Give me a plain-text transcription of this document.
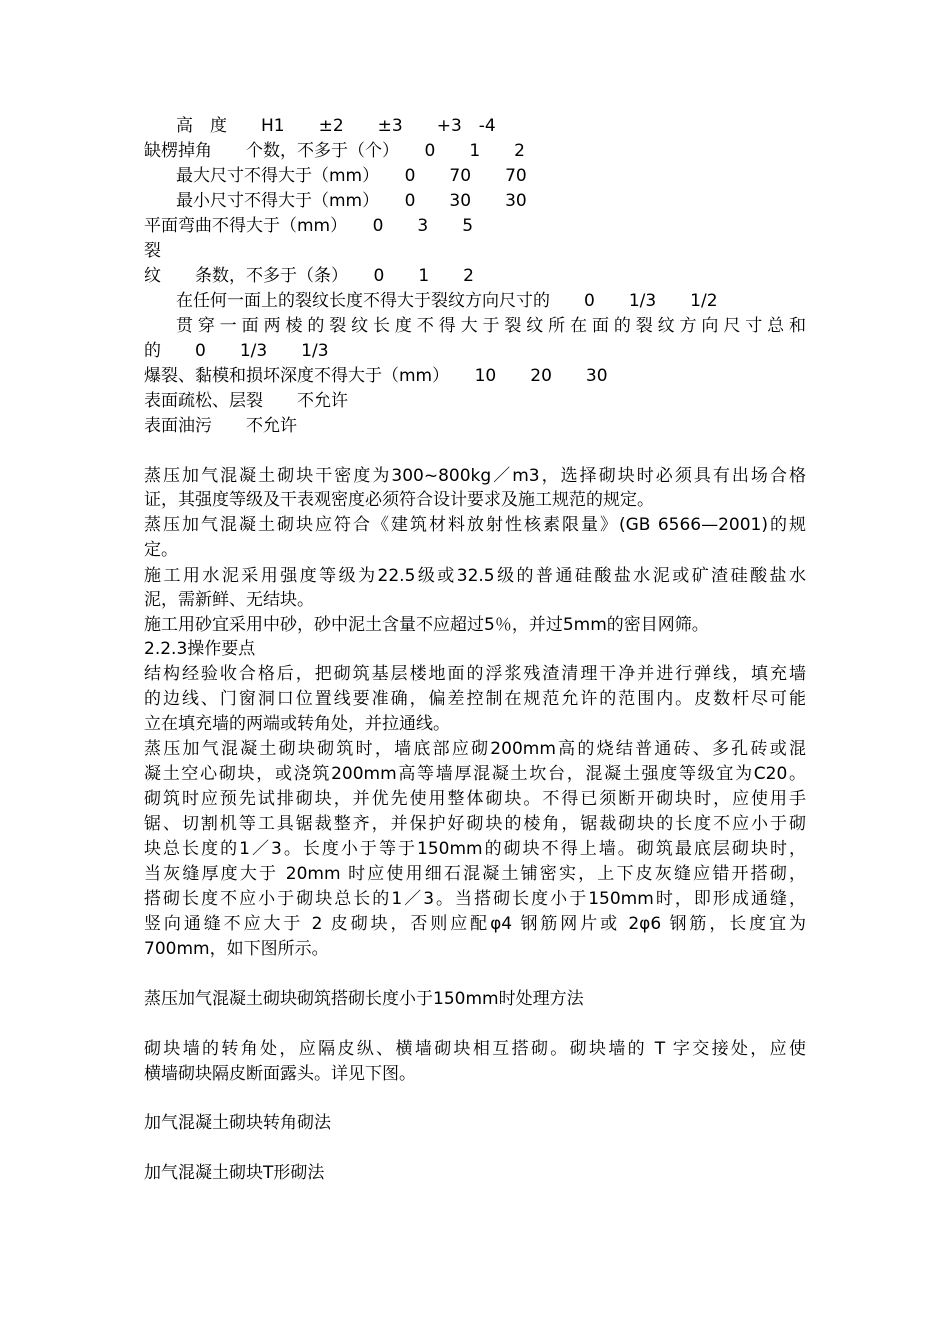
高　度　　H1　　±2　　±3　　+3　-4
缺楞掉角　　个数，不多于（个）　　0　　1　　2
最大尺寸不得大于（mm）　　0　　70　　70
最小尺寸不得大于（mm）　　0　　30　　30
平面弯曲不得大于（mm）　　0　　3　　5
裂
纹　　条数，不多于（条）　　0　　1　　2
在任何一面上的裂纹长度不得大于裂纹方向尺寸的　　0　　1/3　　1/2
贯穿一面两棱的裂纹长度不得大于裂纹所在面的裂纹方向尺寸总和
的　　0　　1/3　　1/3
爆裂、黏模和损坏深度不得大于（mm）　　10　　20　　30
表面疏松、层裂　　不允许
表面油污　　不允许
蒸压加气混凝土砌块干密度为300~800kg／m3，选择砌块时必须具有出场合格
证，其强度等级及干表观密度必须符合设计要求及施工规范的规定。
蒸压加气混凝土砌块应符合《建筑材料放射性核素限量》(GB 6566—2001)的规
定。
施工用水泥采用强度等级为22.5级或32.5级的普通硅酸盐水泥或矿渣硅酸盐水
泥，需新鲜、无结块。
施工用砂宜采用中砂，砂中泥土含量不应超过5％，并过5mm的密目网筛。
2.2.3操作要点
结构经验收合格后，把砌筑基层楼地面的浮浆残渣清理干净并进行弹线，填充墙
的边线、门窗洞口位置线要准确，偏差控制在规范允许的范围内。皮数杆尽可能
立在填充墙的两端或转角处，并拉通线。
蒸压加气混凝土砌块砌筑时，墙底部应砌200mm高的烧结普通砖、多孔砖或混
凝土空心砌块，或浇筑200mm高等墙厚混凝土坎台，混凝土强度等级宜为C20。
砌筑时应预先试排砌块，并优先使用整体砌块。不得已须断开砌块时，应使用手
锯、切割机等工具锯裁整齐，并保护好砌块的棱角，锯裁砌块的长度不应小于砌
块总长度的1／3。长度小于等于150mm的砌块不得上墙。砌筑最底层砌块时，
当灰缝厚度大于 20mm 时应使用细石混凝土铺密实，上下皮灰缝应错开搭砌，
搭砌长度不应小于砌块总长的1／3。当搭砌长度小于150mm时，即形成通缝，
竖向通缝不应大于 2 皮砌块，否则应配φ4 钢筋网片或 2φ6 钢筋，长度宜为
700mm，如下图所示。
蒸压加气混凝土砌块砌筑搭砌长度小于150mm时处理方法
砌块墙的转角处，应隔皮纵、横墙砌块相互搭砌。砌块墙的 T 字交接处，应使
横墙砌块隔皮断面露头。详见下图。
加气混凝土砌块转角砌法
加气混凝土砌块T形砌法
